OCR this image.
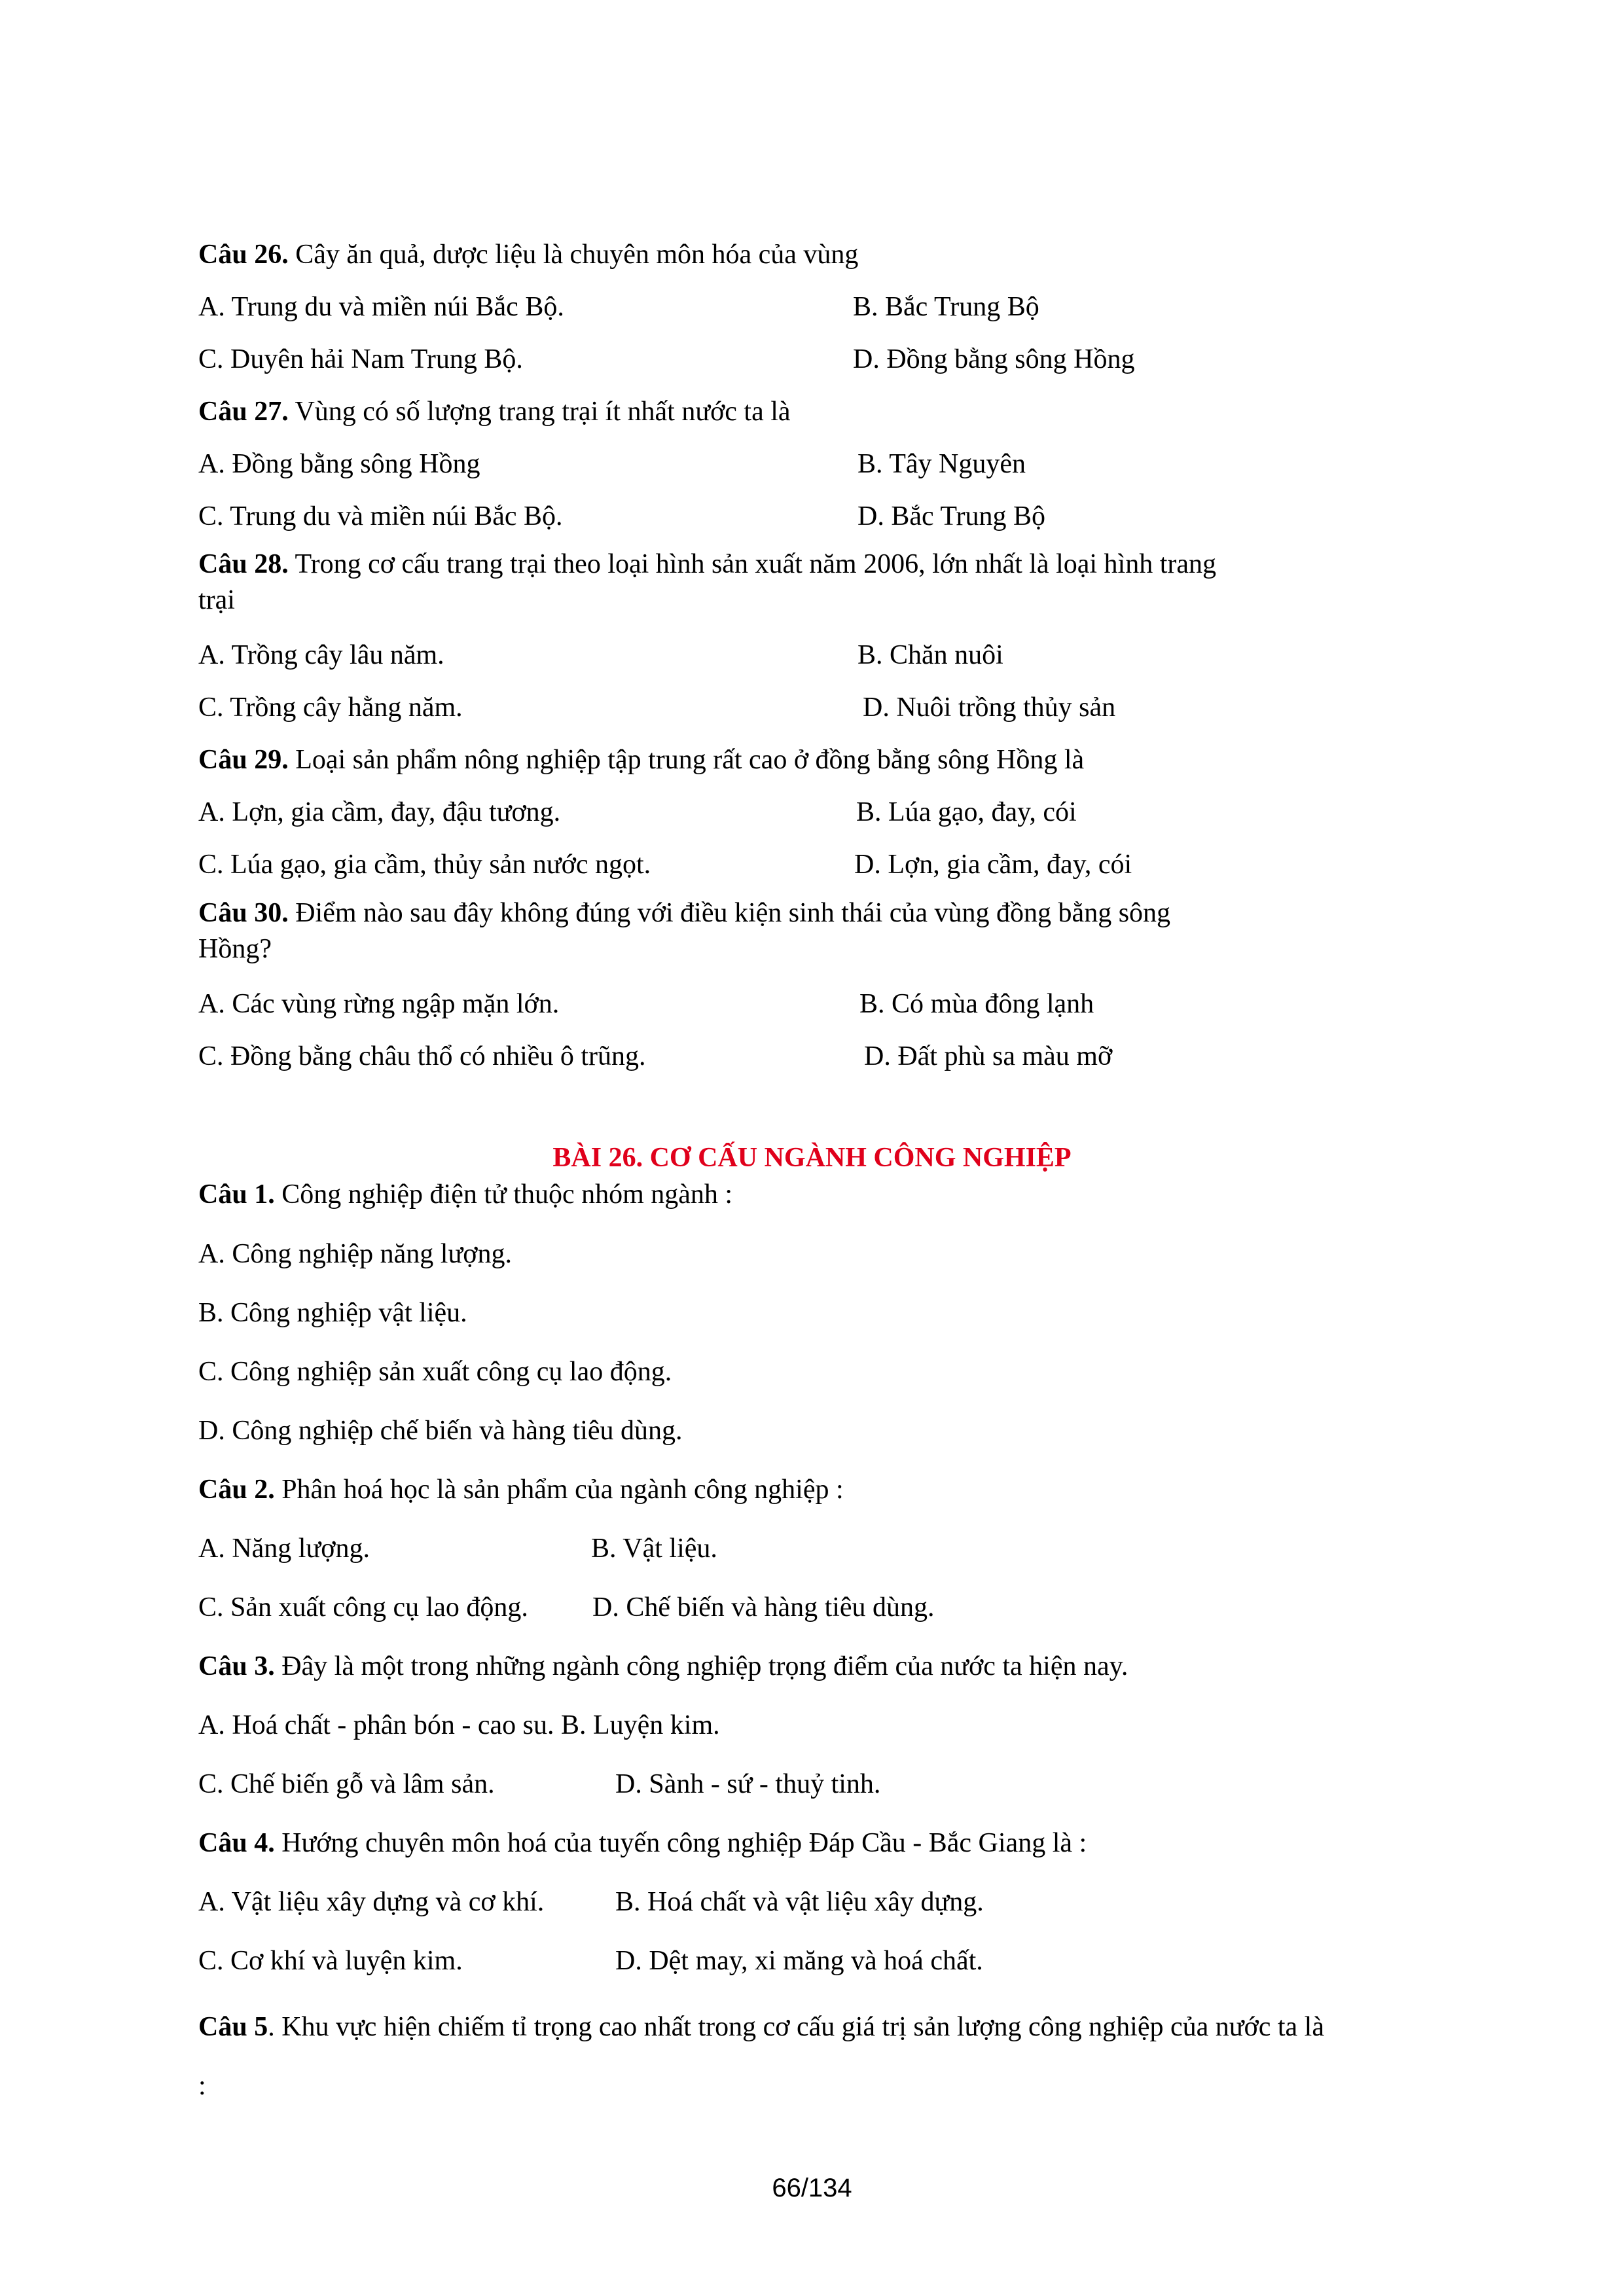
Câu 26. Cây ăn quả, dược liệu là chuyên môn hóa của vùng
A. Trung du và miền núi Bắc Bộ.	B. Bắc Trung Bộ
C. Duyên hải Nam Trung Bộ.	D. Đồng bằng sông Hồng
Câu 27. Vùng có số lượng trang trại ít nhất nước ta là
A. Đồng bằng sông Hồng	B. Tây Nguyên
C. Trung du và miền núi Bắc Bộ.	D. Bắc Trung Bộ
Câu 28. Trong cơ cấu trang trại theo loại hình sản xuất năm 2006, lớn nhất là loại hình trang trại
A. Trồng cây lâu năm.	B. Chăn nuôi
C. Trồng cây hằng năm.	D. Nuôi trồng thủy sản
Câu 29. Loại sản phẩm nông nghiệp tập trung rất cao ở đồng bằng sông Hồng là
A. Lợn, gia cầm, đay, đậu tương.	B. Lúa gạo, đay, cói
C. Lúa gạo, gia cầm, thủy sản nước ngọt.	D. Lợn, gia cầm, đay, cói
Câu 30. Điểm nào sau đây không đúng với điều kiện sinh thái của vùng đồng bằng sông Hồng?
A. Các vùng rừng ngập mặn lớn.	B. Có mùa đông lạnh
C. Đồng bằng châu thổ có nhiều ô trũng.	D. Đất phù sa màu mỡ
BÀI 26. CƠ CẤU NGÀNH CÔNG NGHIỆP
Câu 1. Công nghiệp điện tử thuộc nhóm ngành :
A. Công nghiệp năng lượng.
B. Công nghiệp vật liệu.
C. Công nghiệp sản xuất công cụ lao động.
D. Công nghiệp chế biến và hàng tiêu dùng.
Câu 2. Phân hoá học là sản phẩm của ngành công nghiệp :
A. Năng lượng.	B. Vật liệu.
C. Sản xuất công cụ lao động. D. Chế biến và hàng tiêu dùng.
Câu 3. Đây là một trong những ngành công nghiệp trọng điểm của nước ta hiện nay.
A. Hoá chất - phân bón - cao su. B. Luyện kim.
C. Chế biến gỗ và lâm sản.	D. Sành - sứ - thuỷ tinh.
Câu 4. Hướng chuyên môn hoá của tuyến công nghiệp Đáp Cầu - Bắc Giang là :
A. Vật liệu xây dựng và cơ khí.	B. Hoá chất và vật liệu xây dựng.
C. Cơ khí và luyện kim.	D. Dệt may, xi măng và hoá chất.
Câu 5. Khu vực hiện chiếm tỉ trọng cao nhất trong cơ cấu giá trị sản lượng công nghiệp của nước ta là :
66/134
